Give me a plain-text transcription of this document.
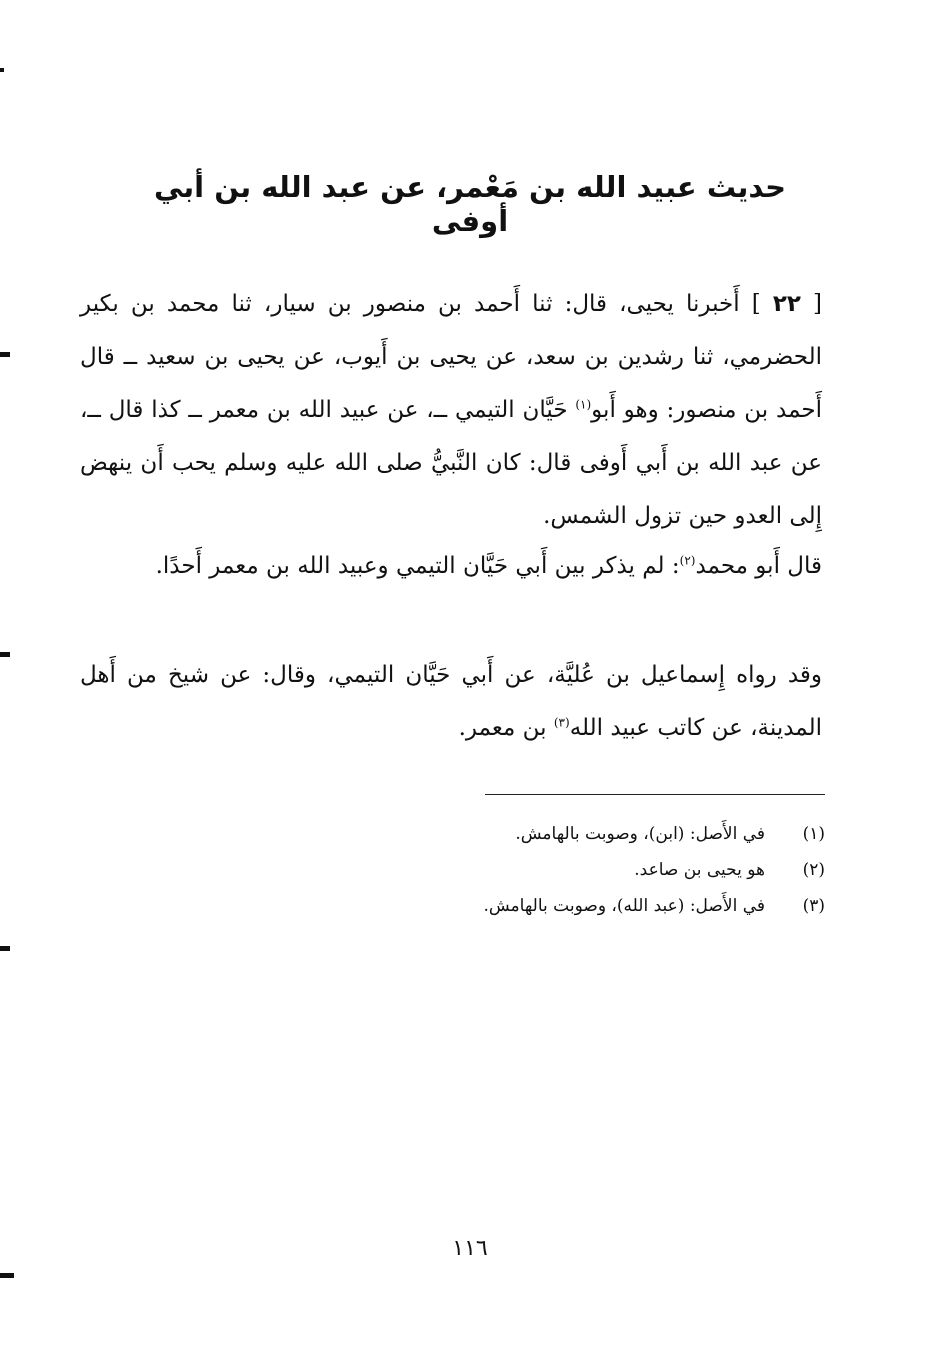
حديث عبيد الله بن مَعْمر، عن عبد الله بن أبي أوفى
[ ٢٢ ] أَخبرنا يحيى، قال: ثنا أَحمد بن منصور بن سيار، ثنا محمد بن بكير الحضرمي، ثنا رشدين بن سعد، عن يحيى بن أَيوب، عن يحيى بن سعيد ــ قال أَحمد بن منصور: وهو أَبو$^{(١)}$ حَيَّان التيمي ــ، عن عبيد الله بن معمر ــ كذا قال ــ، عن عبد الله بن أَبي أَوفى قال: كان النَّبيُّ صلى الله عليه وسلم يحب أَن ينهض إِلى العدو حين تزول الشمس.
قال أَبو محمد$^{(٢)}$: لم يذكر بين أَبي حَيَّان التيمي وعبيد الله بن معمر أَحدًا.
وقد رواه إِسماعيل بن عُليَّة، عن أَبي حَيَّان التيمي، وقال: عن شيخ من أَهل المدينة، عن كاتب عبيد الله$^{(٣)}$ بن معمر.
(١)
في الأَصل: (ابن)، وصوبت بالهامش.
(٢)
هو يحيى بن صاعد.
(٣)
في الأَصل: (عبد الله)، وصوبت بالهامش.
١١٦
